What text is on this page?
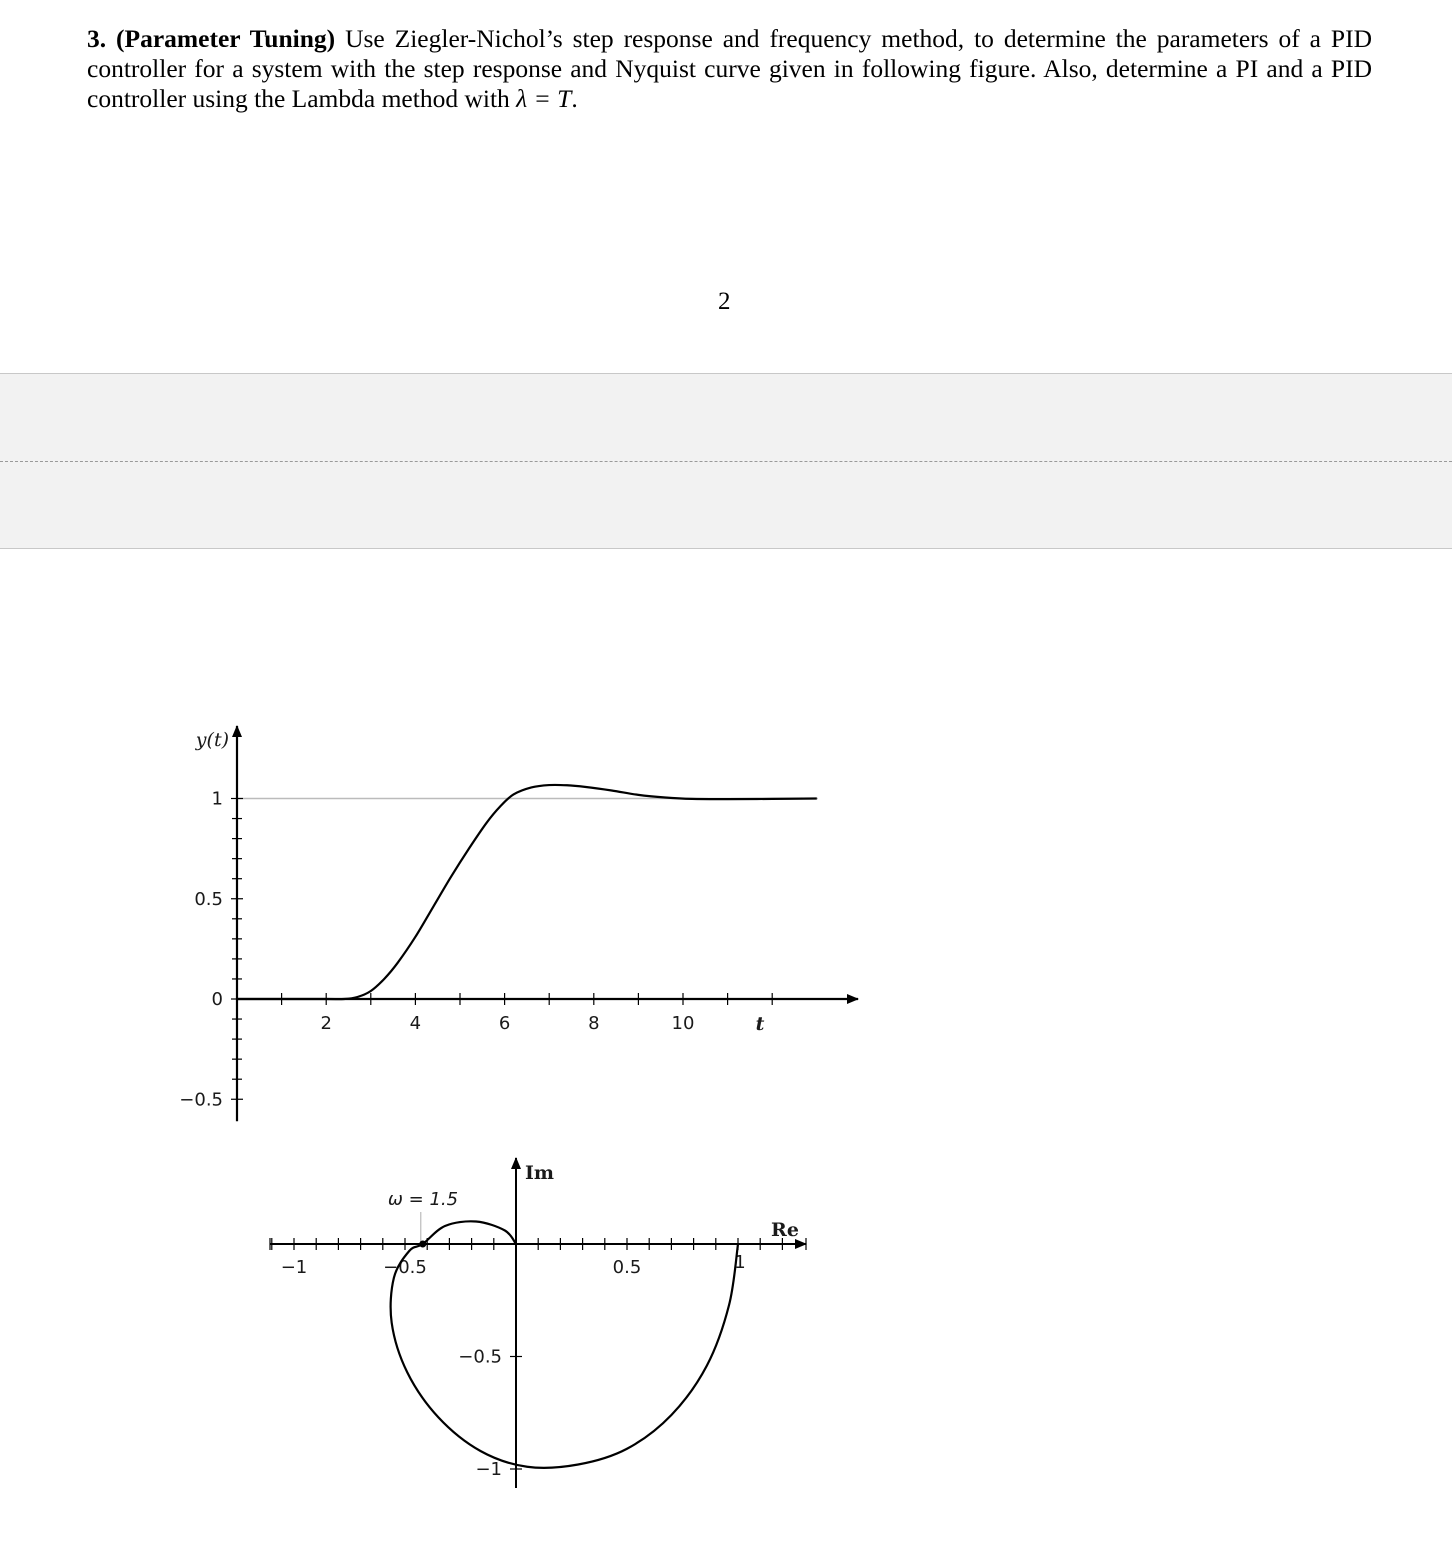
3. (Parameter Tuning) Use Ziegler-Nichol’s step response and frequency method, to determine the parameters of a PID controller for a system with the step response and Nyquist curve given in following figure. Also, determine a PI and a PID controller using the Lambda method with λ = T.

2
2	4	6	8	10
1
0.5
0
−0.5
y(t)
t
−1	−0.5	0.5	1
−0.5
−1
Im
Re
ω = 1.5
